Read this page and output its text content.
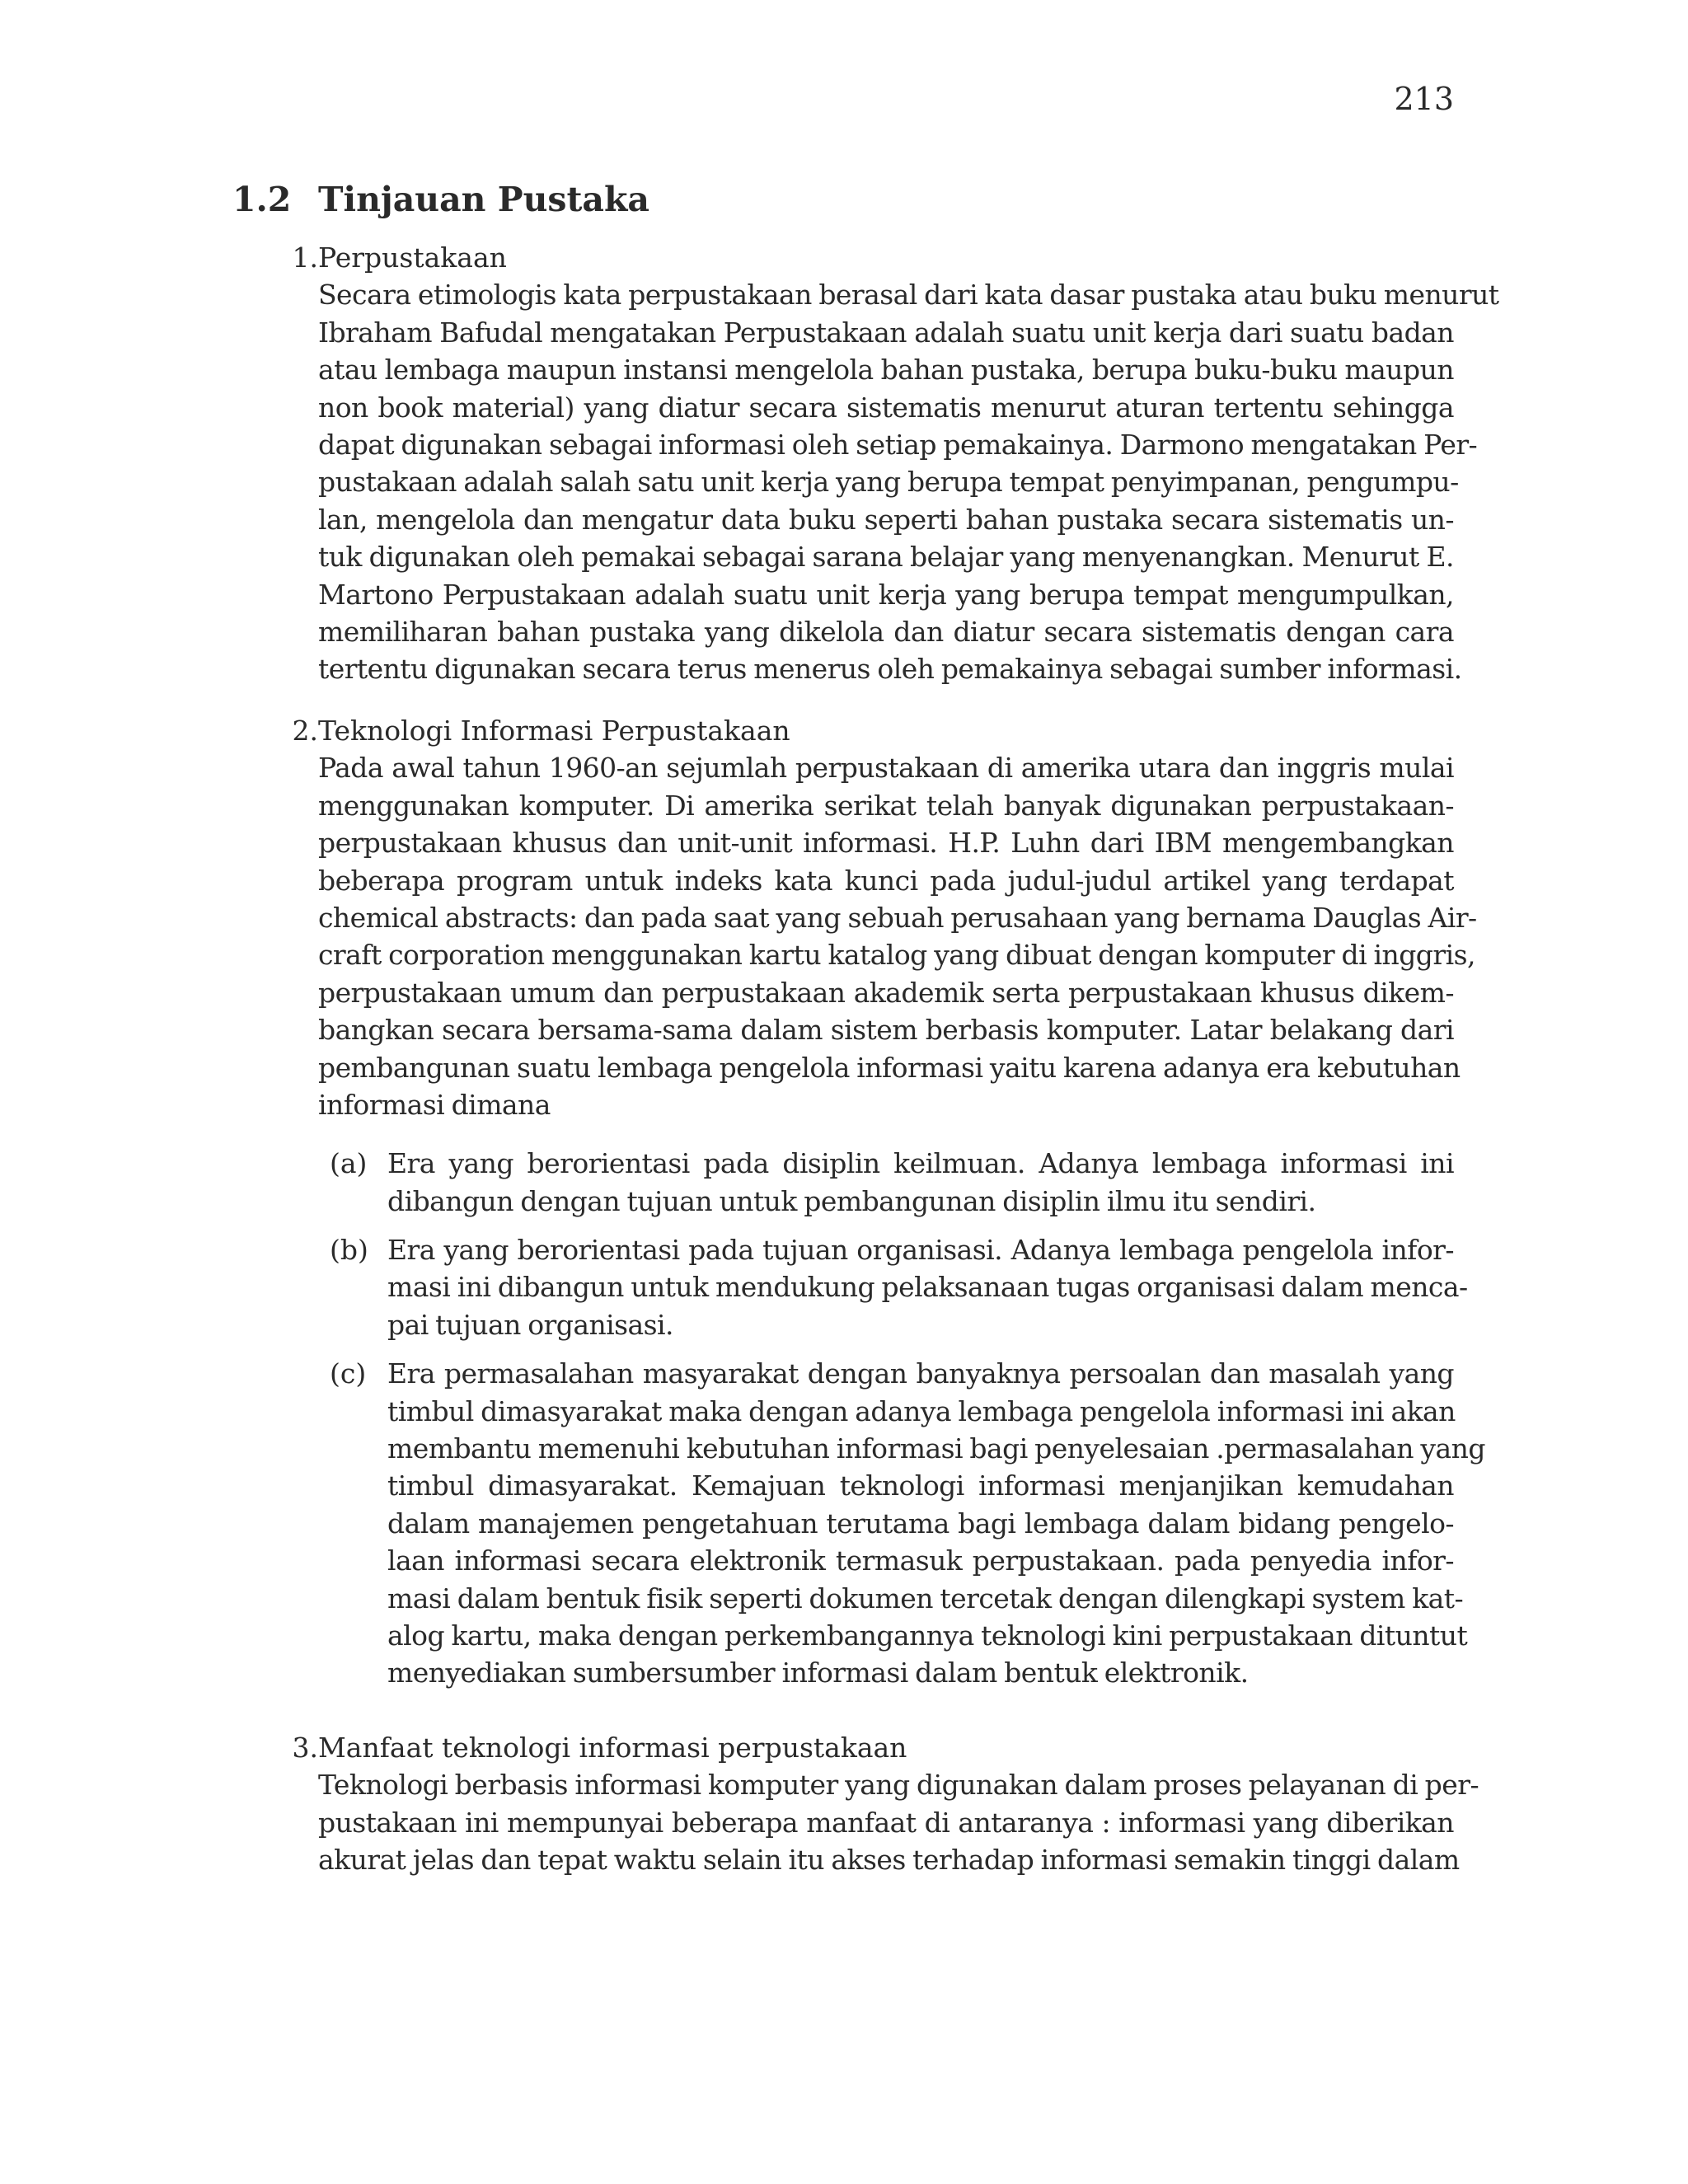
213
1.2 Tinjauan Pustaka
1. Perpustakaan
Secara etimologis kata perpustakaan berasal dari kata dasar pustaka atau buku menurut
Ibraham Bafudal mengatakan Perpustakaan adalah suatu unit kerja dari suatu badan
atau lembaga maupun instansi mengelola bahan pustaka, berupa buku-buku maupun
non book material) yang diatur secara sistematis menurut aturan tertentu sehingga
dapat digunakan sebagai informasi oleh setiap pemakainya. Darmono mengatakan Per-
pustakaan adalah salah satu unit kerja yang berupa tempat penyimpanan, pengumpu-
lan, mengelola dan mengatur data buku seperti bahan pustaka secara sistematis un-
tuk digunakan oleh pemakai sebagai sarana belajar yang menyenangkan. Menurut E.
Martono Perpustakaan adalah suatu unit kerja yang berupa tempat mengumpulkan,
memiliharan bahan pustaka yang dikelola dan diatur secara sistematis dengan cara
tertentu digunakan secara terus menerus oleh pemakainya sebagai sumber informasi.
2. Teknologi Informasi Perpustakaan
Pada awal tahun 1960-an sejumlah perpustakaan di amerika utara dan inggris mulai
menggunakan komputer. Di amerika serikat telah banyak digunakan perpustakaan-
perpustakaan khusus dan unit-unit informasi. H.P. Luhn dari IBM mengembangkan
beberapa program untuk indeks kata kunci pada judul-judul artikel yang terdapat
chemical abstracts: dan pada saat yang sebuah perusahaan yang bernama Dauglas Air-
craft corporation menggunakan kartu katalog yang dibuat dengan komputer di inggris,
perpustakaan umum dan perpustakaan akademik serta perpustakaan khusus dikem-
bangkan secara bersama-sama dalam sistem berbasis komputer. Latar belakang dari
pembangunan suatu lembaga pengelola informasi yaitu karena adanya era kebutuhan
informasi dimana
(a) Era yang berorientasi pada disiplin keilmuan. Adanya lembaga informasi ini
dibangun dengan tujuan untuk pembangunan disiplin ilmu itu sendiri.
(b) Era yang berorientasi pada tujuan organisasi. Adanya lembaga pengelola infor-
masi ini dibangun untuk mendukung pelaksanaan tugas organisasi dalam menca-
pai tujuan organisasi.
(c) Era permasalahan masyarakat dengan banyaknya persoalan dan masalah yang
timbul dimasyarakat maka dengan adanya lembaga pengelola informasi ini akan
membantu memenuhi kebutuhan informasi bagi penyelesaian .permasalahan yang
timbul dimasyarakat. Kemajuan teknologi informasi menjanjikan kemudahan
dalam manajemen pengetahuan terutama bagi lembaga dalam bidang pengelo-
laan informasi secara elektronik termasuk perpustakaan. pada penyedia infor-
masi dalam bentuk fisik seperti dokumen tercetak dengan dilengkapi system kat-
alog kartu, maka dengan perkembangannya teknologi kini perpustakaan dituntut
menyediakan sumbersumber informasi dalam bentuk elektronik.
3. Manfaat teknologi informasi perpustakaan
Teknologi berbasis informasi komputer yang digunakan dalam proses pelayanan di per-
pustakaan ini mempunyai beberapa manfaat di antaranya : informasi yang diberikan
akurat jelas dan tepat waktu selain itu akses terhadap informasi semakin tinggi dalam
